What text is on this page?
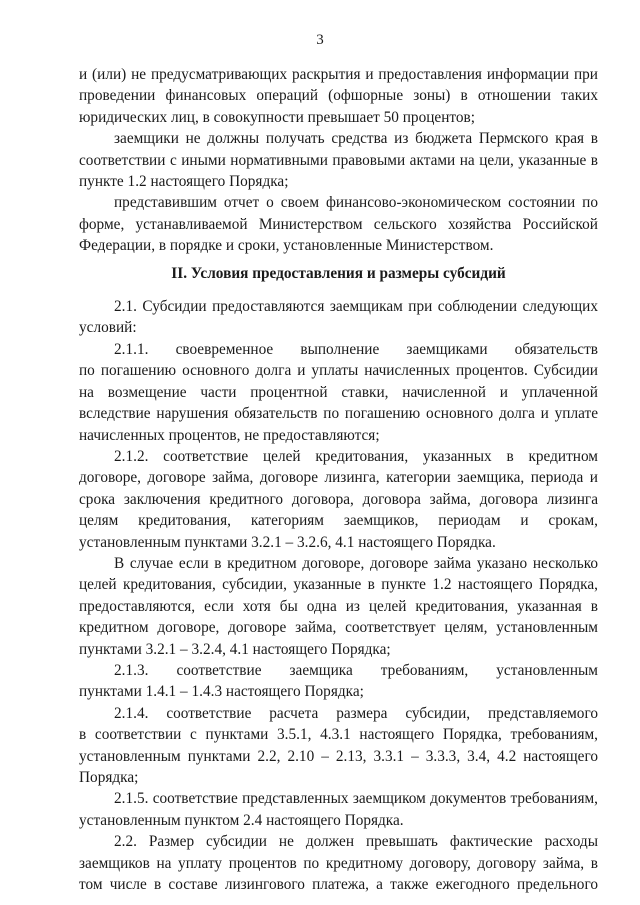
3

и (или) не предусматривающих раскрытия и предоставления информации при проведении финансовых операций (офшорные зоны) в отношении таких юридических лиц, в совокупности превышает 50 процентов;

заемщики не должны получать средства из бюджета Пермского края в соответствии с иными нормативными правовыми актами на цели, указанные в пункте 1.2 настоящего Порядка;

представившим отчет о своем финансово-экономическом состоянии по форме, устанавливаемой Министерством сельского хозяйства Российской Федерации, в порядке и сроки, установленные Министерством.

II. Условия предоставления и размеры субсидий

2.1. Субсидии предоставляются заемщикам при соблюдении следующих условий:

2.1.1. своевременное выполнение заемщиками обязательств

по погашению основного долга и уплаты начисленных процентов. Субсидии на возмещение части процентной ставки, начисленной и уплаченной вследствие нарушения обязательств по погашению основного долга и уплате начисленных процентов, не предоставляются;

2.1.2. соответствие целей кредитования, указанных в кредитном договоре, договоре займа, договоре лизинга, категории заемщика, периода и срока заключения кредитного договора, договора займа, договора лизинга целям кредитования, категориям заемщиков, периодам и срокам, установленным пунктами 3.2.1 – 3.2.6, 4.1 настоящего Порядка.

В случае если в кредитном договоре, договоре займа указано несколько целей кредитования, субсидии, указанные в пункте 1.2 настоящего Порядка, предоставляются, если хотя бы одна из целей кредитования, указанная в кредитном договоре, договоре займа, соответствует целям, установленным пунктами 3.2.1 – 3.2.4, 4.1 настоящего Порядка;

2.1.3. соответствие заемщика требованиям, установленным

пунктами 1.4.1 – 1.4.3 настоящего Порядка;

2.1.4. соответствие расчета размера субсидии, представляемого

в соответствии с пунктами 3.5.1, 4.3.1 настоящего Порядка, требованиям, установленным пунктами 2.2, 2.10 – 2.13, 3.3.1 – 3.3.3, 3.4, 4.2 настоящего Порядка;

2.1.5. соответствие представленных заемщиком документов требованиям, установленным пунктом 2.4 настоящего Порядка.

2.2. Размер субсидии не должен превышать фактические расходы заемщиков на уплату процентов по кредитному договору, договору займа, в том числе в составе лизингового платежа, а также ежегодного предельного
